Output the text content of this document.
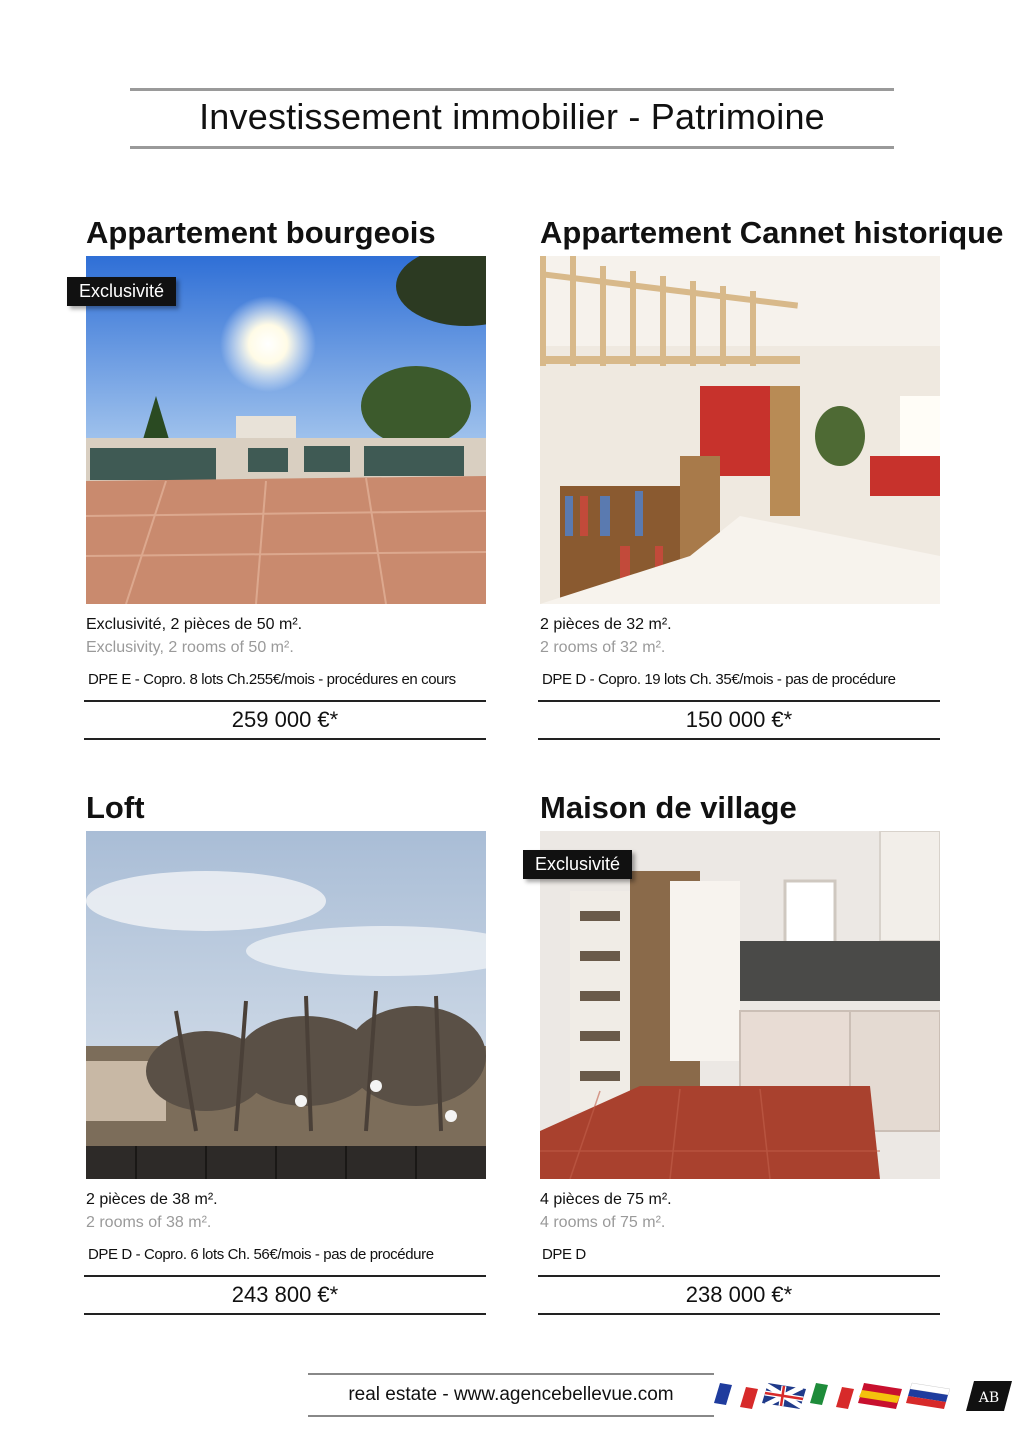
Investissement immobilier - Patrimoine
Appartement bourgeois
Exclusivité
Exclusivité, 2 pièces de 50 m².
Exclusivity, 2 rooms of 50 m².
DPE E - Copro. 8 lots Ch.255€/mois - procédures en cours
259 000 €*
Appartement Cannet historique
2 pièces de 32 m².
2 rooms of 32 m².
DPE D - Copro. 19 lots Ch. 35€/mois - pas de procédure
150 000 €*
Loft
2 pièces de 38 m².
2 rooms of 38 m².
DPE D - Copro. 6 lots Ch. 56€/mois - pas de procédure
243 800 €*
Maison de village
Exclusivité
4 pièces de 75 m².
4 rooms of 75 m².
DPE D
238 000 €*
real estate - www.agencebellevue.com	AB
